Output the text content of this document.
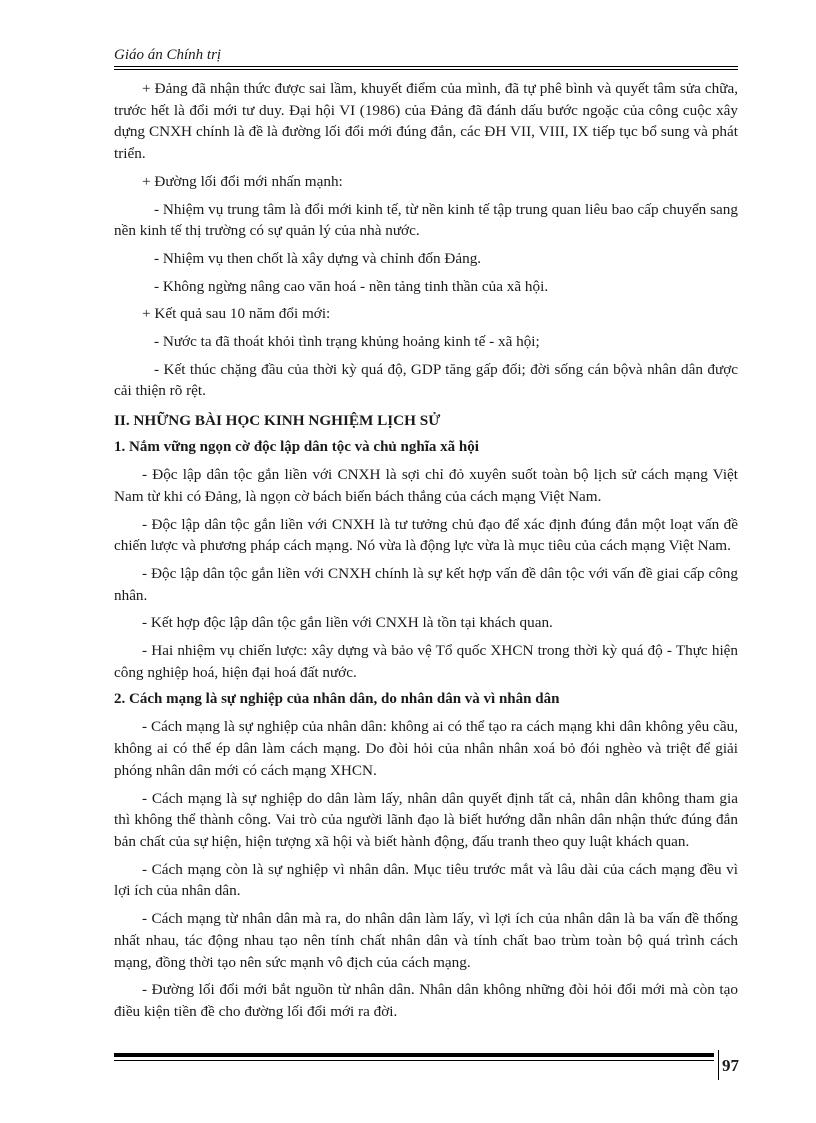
Giáo án Chính trị

+ Đảng đã nhận thức được sai lầm, khuyết điểm của mình, đã tự phê bình và quyết tâm sửa chữa, trước hết là đổi mới tư duy. Đại hội VI (1986) của Đảng đã đánh dấu bước ngoặc của công cuộc xây dựng CNXH chính là đề là đường lối đổi mới đúng đắn, các ĐH VII, VIII, IX tiếp tục bổ sung và phát triển.

+ Đường lối đổi mới nhấn mạnh:

- Nhiệm vụ trung tâm là đổi mới kinh tế, từ nền kinh tế tập trung quan liêu bao cấp chuyển sang nền kinh tế thị trường có sự quản lý của nhà nước.

- Nhiệm vụ then chốt là xây dựng và chỉnh đốn Đảng.

- Không ngừng nâng cao văn hoá - nền tảng tinh thần của xã hội.

+ Kết quả sau 10 năm đổi mới:

- Nước ta đã thoát khỏi tình trạng khủng hoảng kinh tế - xã hội;

- Kết thúc chặng đầu của thời kỳ quá độ, GDP tăng gấp đối; đời sống cán bộvà nhân dân được cải thiện rõ rệt.

II. NHỮNG BÀI HỌC KINH NGHIỆM LỊCH SỬ
1. Nắm vững ngọn cờ độc lập dân tộc và chủ nghĩa xã hội

- Độc lập dân tộc gắn liền với CNXH là sợi chỉ đỏ xuyên suốt toàn bộ lịch sử cách mạng Việt Nam từ khi có Đảng, là ngọn cờ bách biến bách thắng của cách mạng Việt Nam.

- Độc lập dân tộc gắn liền với CNXH là tư tưởng chủ đạo để xác định đúng đắn một loạt vấn đề chiến lược và phương pháp cách mạng. Nó vừa là động lực vừa là mục tiêu của cách mạng Việt Nam.

- Độc lập dân tộc gắn liền với CNXH chính là sự kết hợp vấn đề dân tộc với vấn đề giai cấp công nhân.

- Kết hợp độc lập dân tộc gắn liền với CNXH là tồn tại khách quan.

- Hai nhiệm vụ chiến lược: xây dựng và bảo vệ Tổ quốc XHCN trong thời kỳ quá độ - Thực hiện công nghiệp hoá, hiện đại hoá đất nước.

2. Cách mạng là sự nghiệp của nhân dân, do nhân dân và vì nhân dân

- Cách mạng là sự nghiệp của nhân dân: không ai có thể tạo ra cách mạng khi dân không yêu cầu, không ai có thể ép dân làm cách mạng. Do đòi hỏi của nhân nhân xoá bỏ đói nghèo và triệt để giải phóng nhân dân mới có cách mạng XHCN.

- Cách mạng là sự nghiệp do dân làm lấy, nhân dân quyết định tất cả, nhân dân không tham gia thì không thể thành công. Vai trò của người lãnh đạo là biết hướng dẫn nhân dân nhận thức đúng đắn bản chất của sự hiện, hiện tượng xã hội và biết hành động, đấu tranh theo quy luật khách quan.

- Cách mạng còn là sự nghiệp vì nhân dân. Mục tiêu trước mắt và lâu dài của cách mạng đều vì lợi ích của nhân dân.

- Cách mạng từ nhân dân mà ra, do nhân dân làm lấy, vì lợi ích của nhân dân là ba vấn đề thống nhất nhau, tác động nhau tạo nên tính chất nhân dân và tính chất bao trùm toàn bộ quá trình cách mạng, đồng thời tạo nên sức mạnh vô địch của cách mạng.

- Đường lối đổi mới bắt nguồn từ nhân dân. Nhân dân không những đòi hỏi đổi mới mà còn tạo điều kiện tiền đề cho đường lối đổi mới ra đời.

97
